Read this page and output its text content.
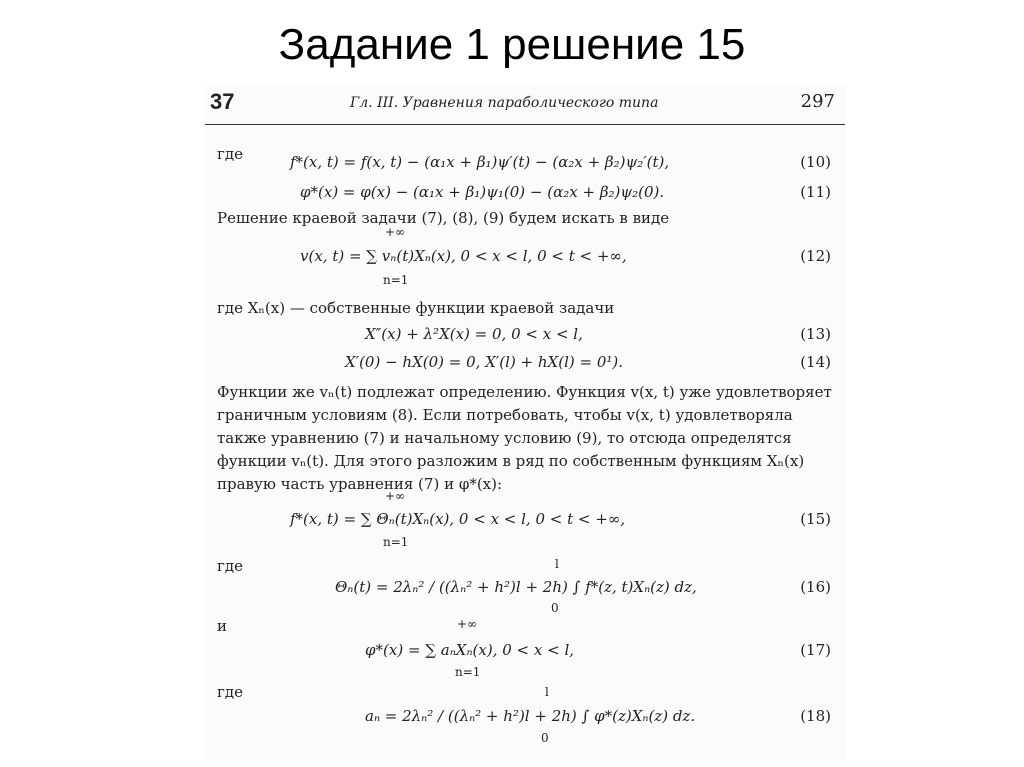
Задание 1 решение 15
37	Гл. III. Уравнения параболического типа	297
где	f*(x, t) = f(x, t) − (α₁x + β₁)ψ′(t) − (α₂x + β₂)ψ₂′(t),	(10)
φ*(x) = φ(x) − (α₁x + β₁)ψ₁(0) − (α₂x + β₂)ψ₂(0).	(11)
Решение краевой задачи (7), (8), (9) будем искать в виде
+∞
v(x, t) = ∑ vₙ(t)Xₙ(x), 0 < x < l, 0 < t < +∞,
n=1
(12)
где Xₙ(x) — собственные функции краевой задачи
X″(x) + λ²X(x) = 0, 0 < x < l,	(13)
X′(0) − hX(0) = 0, X′(l) + hX(l) = 0¹).	(14)
Функции же vₙ(t) подлежат определению. Функция v(x, t) уже удовлетворяет граничным условиям (8). Если потребовать, чтобы v(x, t) удовлетворяла также уравнению (7) и начальному условию (9), то отсюда определятся функции vₙ(t). Для этого разложим в ряд по собственным функциям Xₙ(x) правую часть уравнения (7) и φ*(x):
+∞
f*(x, t) = ∑ Θₙ(t)Xₙ(x), 0 < x < l, 0 < t < +∞,
n=1
(15)
где	l
Θₙ(t) = 2λₙ² / ((λₙ² + h²)l + 2h) ∫ f*(z, t)Xₙ(z) dz,
0
(16)
и	+∞
φ*(x) = ∑ aₙXₙ(x), 0 < x < l,
n=1
(17)
где	l
aₙ = 2λₙ² / ((λₙ² + h²)l + 2h) ∫ φ*(z)Xₙ(z) dz.
0
(18)
